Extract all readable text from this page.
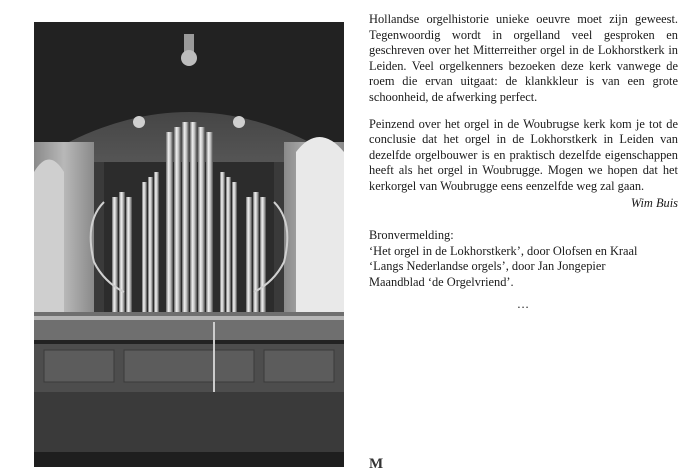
Hollandse orgelhistorie unieke oeuvre moet zijn geweest. Tegenwoordig wordt in orgelland veel gesproken en geschreven over het Mitterreither orgel in de Lokhorstkerk in Leiden. Veel orgelkenners bezoeken deze kerk vanwege de roem die ervan uitgaat: de klankkleur is van een grote schoonheid, de afwerking perfect.

Peinzend over het orgel in de Woubrugse kerk kom je tot de conclusie dat het orgel in de Lokhorstkerk in Leiden van dezelfde orgelbouwer is en praktisch dezelfde eigenschappen heeft als het orgel in Woubrugge. Mogen we hopen dat het kerkorgel van Woubrugge eens eenzelfde weg zal gaan.

Wim Buis

Bronvermelding:

‘Het orgel in de Lokhorstkerk’, door Olofsen en Kraal

‘Langs Nederlandse orgels’, door Jan Jongepier

Maandblad ‘de Orgelvriend’.

...

M
